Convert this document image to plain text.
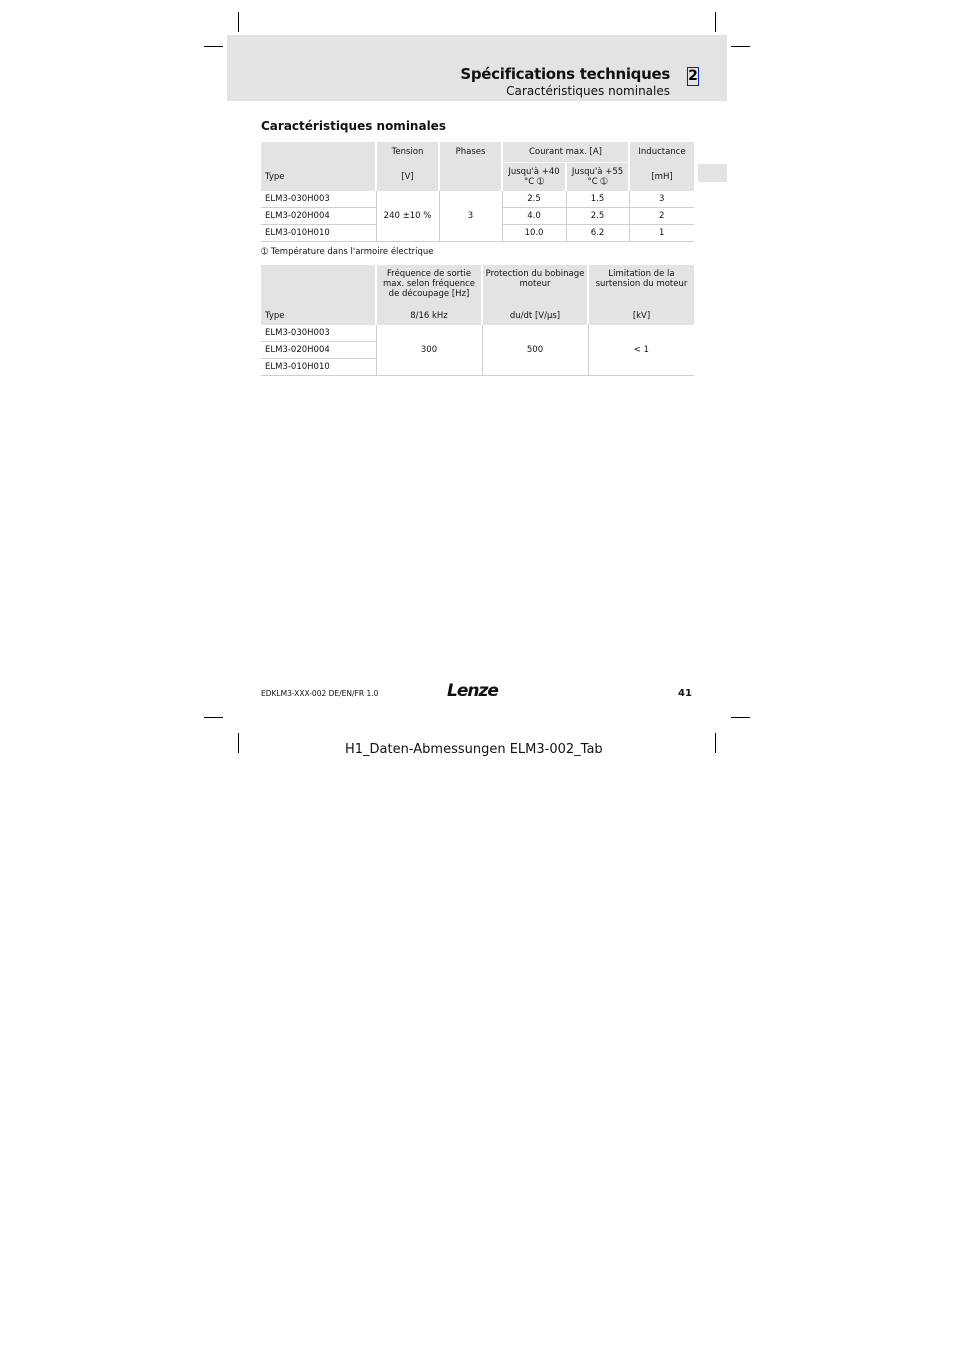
Spécifications techniques 2
Caractéristiques nominales
Caractéristiques nominales
	Tension	Phases	Courant max. [A]		Inductance
Type	[V]		Jusqu'à +40 °C ➀	Jusqu'à +55 °C ➀	[mH]
ELM3-030H003	240 ±10 %	3	2.5	1.5	3
ELM3-020H004			4.0	2.5	2
ELM3-010H010			10.0	6.2	1
➀ Température dans l'armoire électrique
	Fréquence de sortie max. selon fréquence de découpage [Hz]	Protection du bobinage moteur	Limitation de la surtension du moteur
Type	8/16 kHz	du/dt [V/µs]	[kV]
ELM3-030H003	300	500	< 1
ELM3-020H004			
ELM3-010H010			
EDKLM3-XXX-002 DE/EN/FR 1.0	Lenze	41
H1_Daten-Abmessungen ELM3-002_Tab
